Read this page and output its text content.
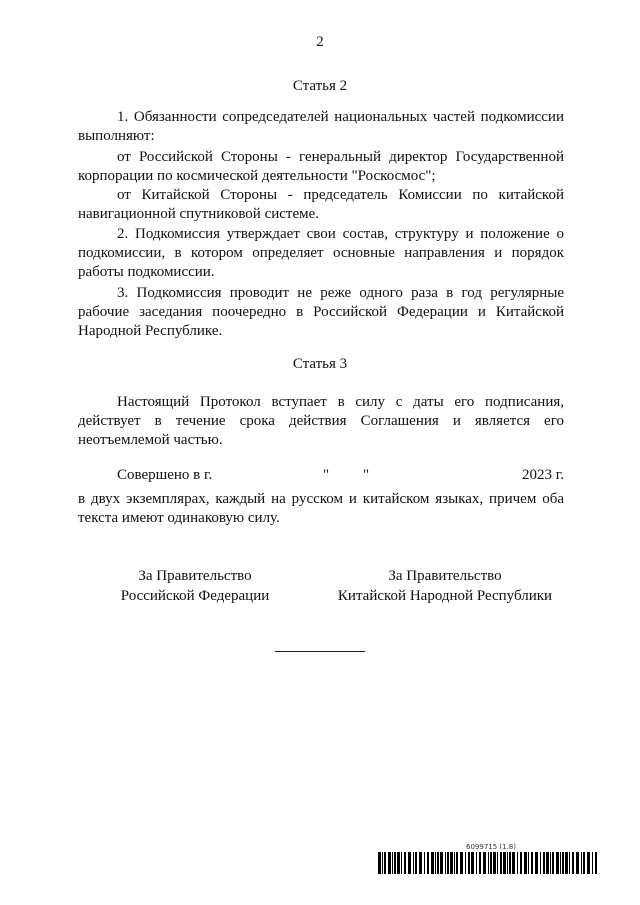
2
Статья 2
1. Обязанности сопредседателей национальных частей подкомиссии выполняют:
от Российской Стороны - генеральный директор Государственной корпорации по космической деятельности "Роскосмос";
от Китайской Стороны - председатель Комиссии по китайской навигационной спутниковой системе.
2. Подкомиссия утверждает свои состав, структуру и положение о подкомиссии, в котором определяет основные направления и порядок работы подкомиссии.
3. Подкомиссия проводит не реже одного раза в год регулярные рабочие заседания поочередно в Российской Федерации и Китайской Народной Республике.
Статья 3
Настоящий Протокол вступает в силу с даты его подписания, действует в течение срока действия Соглашения и является его неотъемлемой частью.
Совершено в г.	" "	2023 г.
в двух экземплярах, каждый на русском и китайском языках, причем оба текста имеют одинаковую силу.
За Правительство
Российской Федерации
За Правительство
Китайской Народной Республики
6099715 (1.8)
